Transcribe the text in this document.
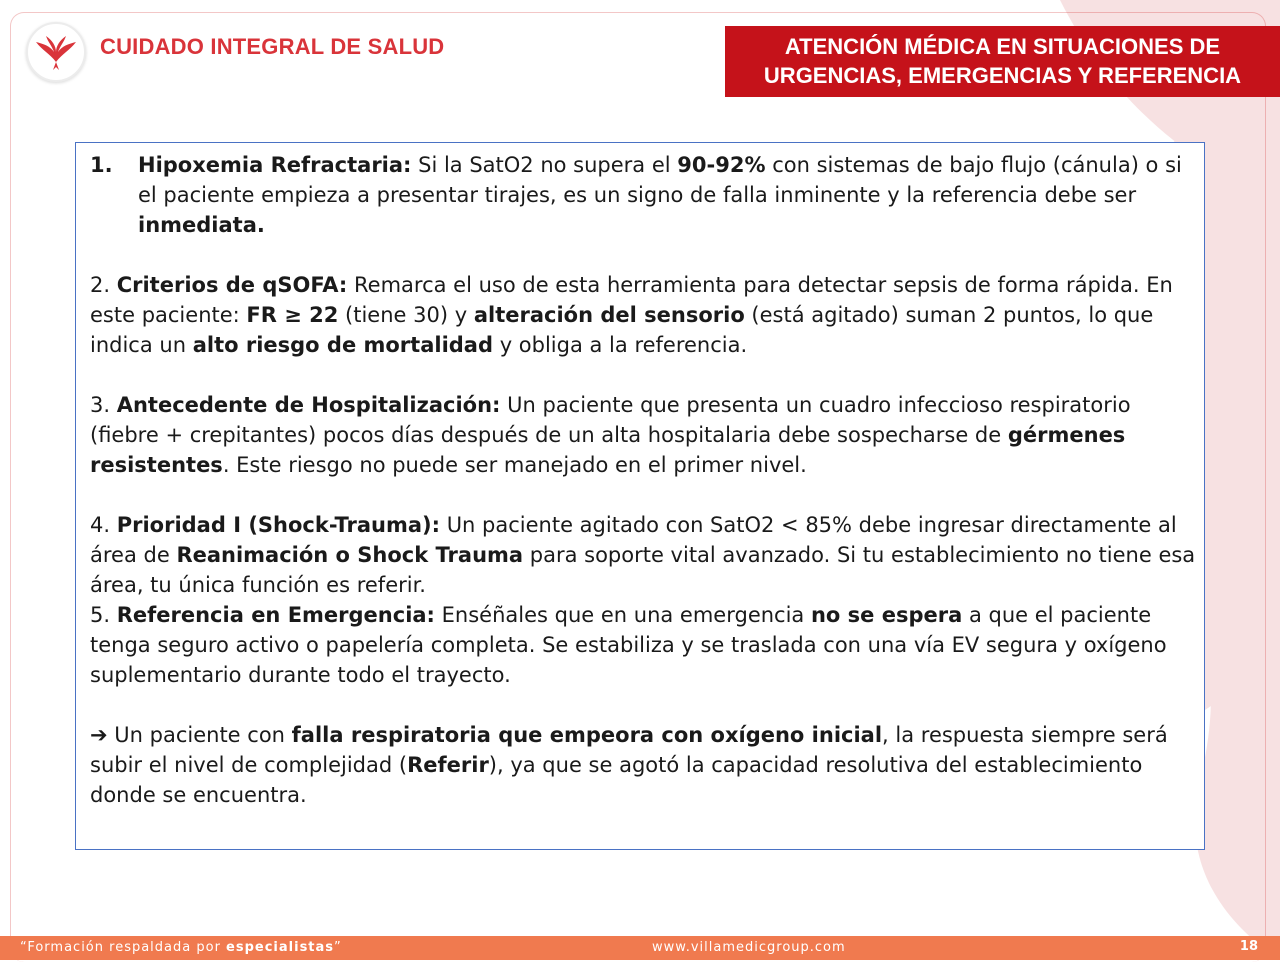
CUIDADO INTEGRAL DE SALUD	ATENCIÓN MÉDICA EN SITUACIONES DE
URGENCIAS, EMERGENCIAS Y REFERENCIA
1.	Hipoxemia Refractaria: Si la SatO2 no supera el 90-92% con sistemas de bajo flujo (cánula) o si el paciente empieza a presentar tirajes, es un signo de falla inminente y la referencia debe ser inmediata.

2. Criterios de qSOFA: Remarca el uso de esta herramienta para detectar sepsis de forma rápida. En este paciente: FR ≥ 22 (tiene 30) y alteración del sensorio (está agitado) suman 2 puntos, lo que indica un alto riesgo de mortalidad y obliga a la referencia.

3. Antecedente de Hospitalización: Un paciente que presenta un cuadro infeccioso respiratorio (fiebre + crepitantes) pocos días después de un alta hospitalaria debe sospecharse de gérmenes resistentes. Este riesgo no puede ser manejado en el primer nivel.

4. Prioridad I (Shock-Trauma): Un paciente agitado con SatO2 < 85% debe ingresar directamente al área de Reanimación o Shock Trauma para soporte vital avanzado. Si tu establecimiento no tiene esa área, tu única función es referir.

5. Referencia en Emergencia: Enséñales que en una emergencia no se espera a que el paciente tenga seguro activo o papelería completa. Se estabiliza y se traslada con una vía EV segura y oxígeno suplementario durante todo el trayecto.

➔ Un paciente con falla respiratoria que empeora con oxígeno inicial, la respuesta siempre será subir el nivel de complejidad (Referir), ya que se agotó la capacidad resolutiva del establecimiento donde se encuentra.

“Formación respaldada por especialistas”	www.villamedicgroup.com	18
